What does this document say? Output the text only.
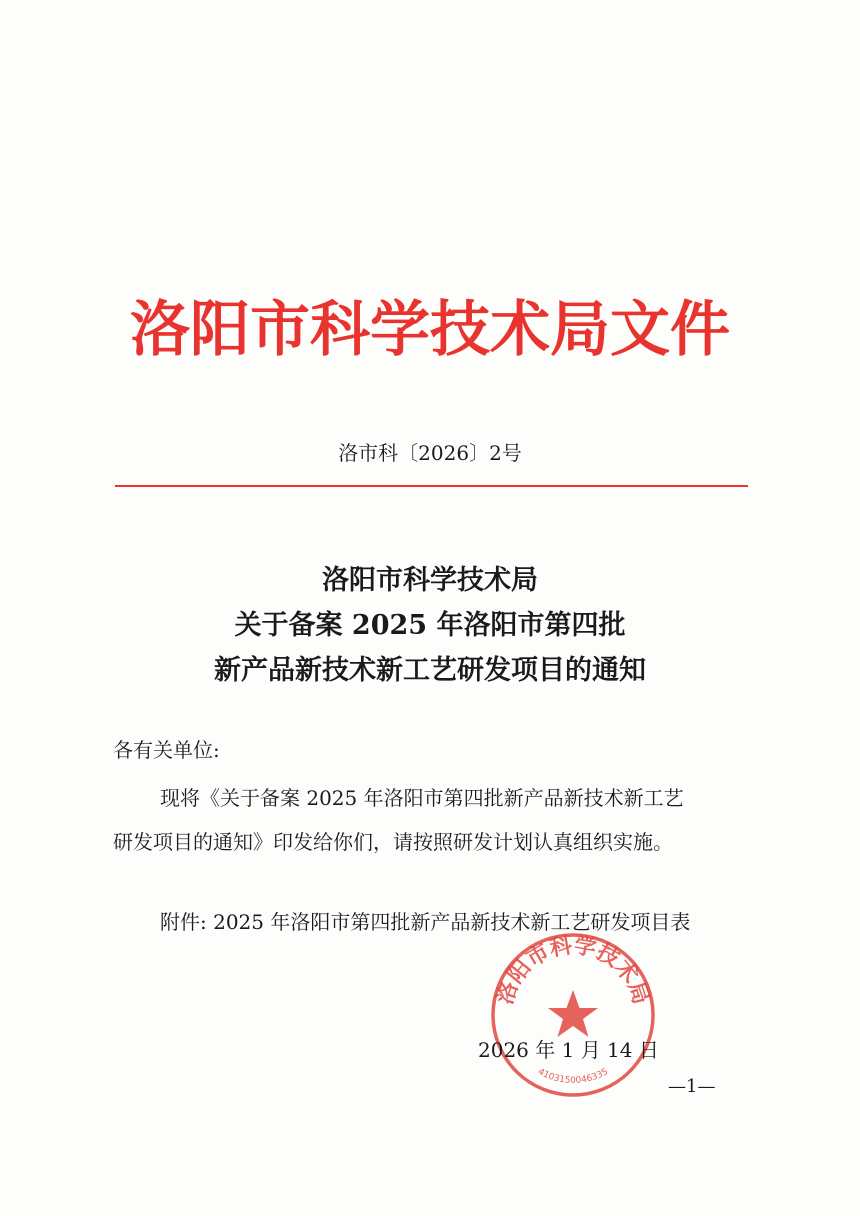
洛阳市科学技术局文件
洛市科〔2026〕2号
洛阳市科学技术局
关于备案 2025 年洛阳市第四批
新产品新技术新工艺研发项目的通知
各有关单位:
现将《关于备案 2025 年洛阳市第四批新产品新技术新工艺
研发项目的通知》印发给你们，请按照研发计划认真组织实施。
附件: 2025 年洛阳市第四批新产品新技术新工艺研发项目表
洛阳市科学技术局
4103150046335
2026 年 1 月 14 日
—1—
